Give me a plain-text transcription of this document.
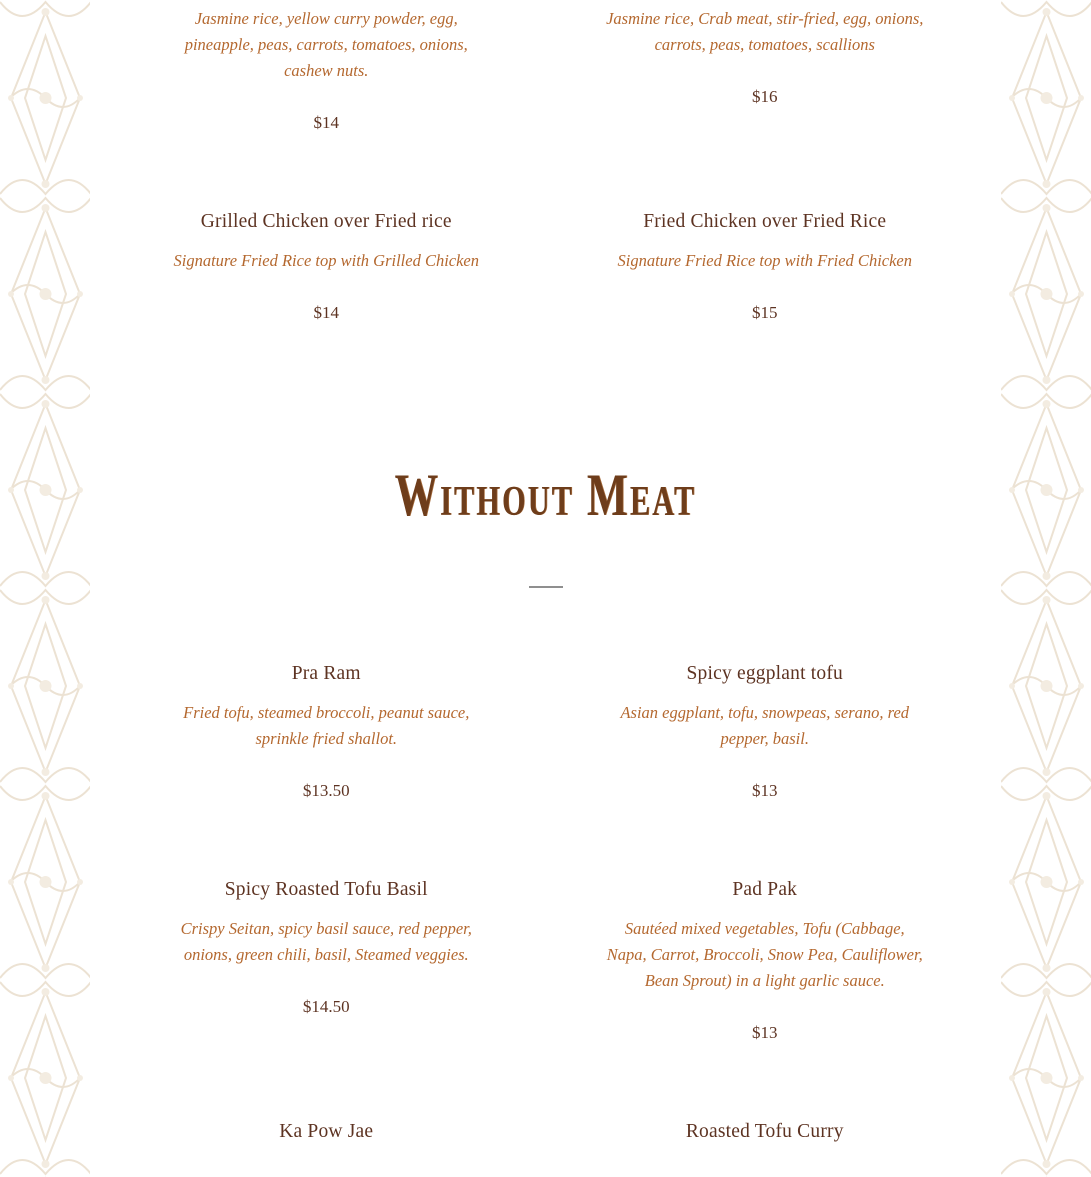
Jasmine rice, yellow curry powder, egg, pineapple, peas, carrots, tomatoes, onions, cashew nuts.

$14

Jasmine rice, Crab meat, stir-fried, egg, onions, carrots, peas, tomatoes, scallions

$16
Grilled Chicken over Fried rice

Signature Fried Rice top with Grilled Chicken

$14
Fried Chicken over Fried Rice

Signature Fried Rice top with Fried Chicken

$15
Without Meat
Pra Ram

Fried tofu, steamed broccoli, peanut sauce, sprinkle fried shallot.

$13.50
Spicy eggplant tofu

Asian eggplant, tofu, snowpeas, serano, red pepper, basil.

$13
Spicy Roasted Tofu Basil

Crispy Seitan, spicy basil sauce, red pepper, onions, green chili, basil, Steamed veggies.

$14.50
Pad Pak

Sautéed mixed vegetables, Tofu (Cabbage, Napa, Carrot, Broccoli, Snow Pea, Cauliflower, Bean Sprout) in a light garlic sauce.

$13
Ka Pow Jae	Roasted Tofu Curry
